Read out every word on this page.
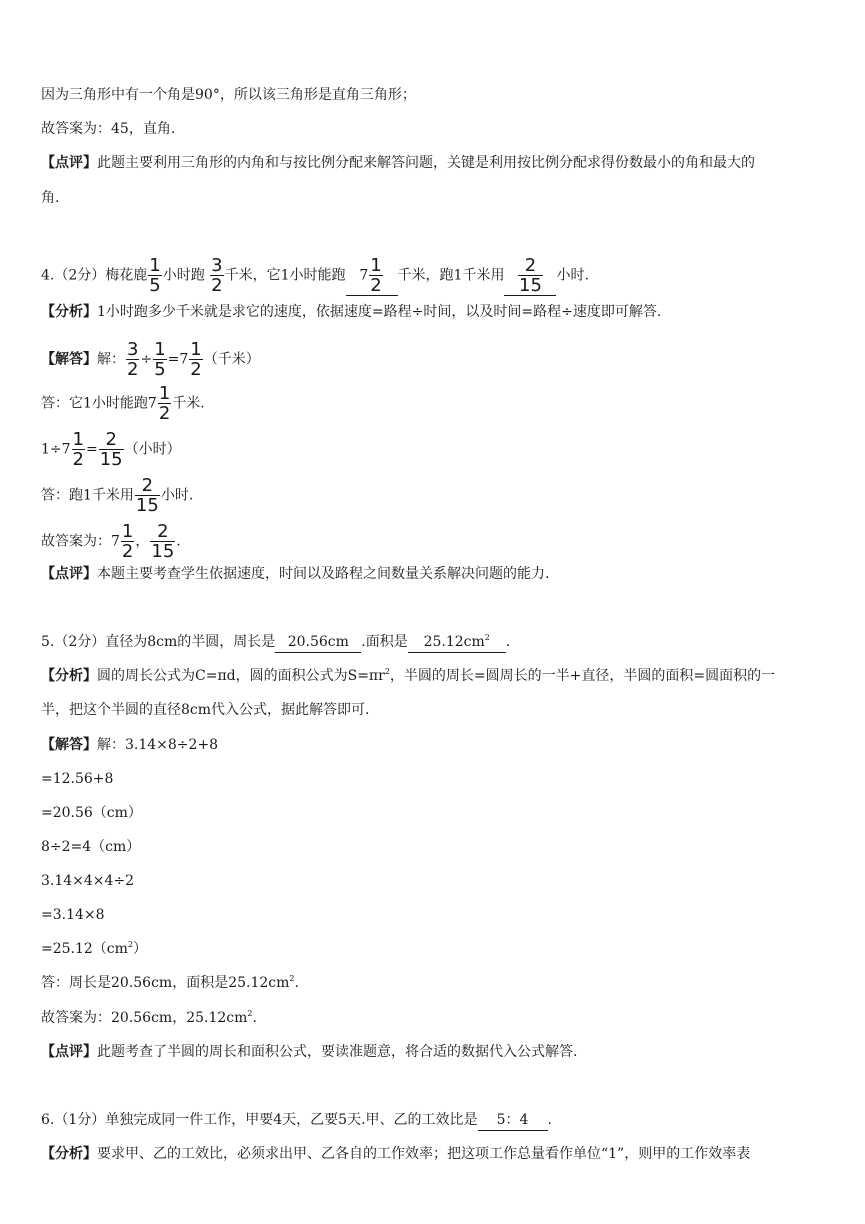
因为三角形中有一个角是90°，所以该三角形是直角三角形；
故答案为：45，直角.
【点评】此题主要利用三角形的内角和与按比例分配来解答问题，关键是利用按比例分配求得份数最小的角和最大的
角.
4.（2分）梅花鹿 $\frac{1}{5}$ 小时跑 $\frac{3}{2}$ 千米，它1小时能跑 $7 \frac{1}{2}$ 千米，跑1千米用 $\frac{2}{15}$ 小时.
【分析】1小时跑多少千米就是求它的速度，依据速度=路程÷时间，以及时间=路程÷速度即可解答.
【解答】解： $\frac{3}{2} \div \frac{1}{5} =7 \frac{1}{2}$ （千米）
答：它1小时能跑$7 \frac{1}{2}$ 千米.
$1\div 7 \frac{1}{2} = \frac{2}{15}$ （小时）
答：跑1千米用 $\frac{2}{15}$ 小时.
故答案为：$7 \frac{1}{2}$ ， $\frac{2}{15}$ .
【点评】本题主要考查学生依据速度，时间以及路程之间数量关系解决问题的能力.
5.（2分）直径为8cm的半圆，周长是 20.56cm .面积是 $25.12cm^2$ .
【分析】圆的周长公式为C=πd，圆的面积公式为$S=\pi r^2$，半圆的周长=圆周长的一半+直径，半圆的面积=圆面积的一
半，把这个半圆的直径8cm代入公式，据此解答即可.
【解答】解：3.14×8÷2+8
=12.56+8
=20.56（cm）
8÷2=4（cm）
3.14×4×4÷2
=3.14×8
$=25.12(cm^2)$
答：周长是20.56cm，面积是$25.12cm^2$.
故答案为：20.56cm，$25.12cm^2$.
【点评】此题考查了半圆的周长和面积公式，要读准题意，将合适的数据代入公式解答.
6.（1分）单独完成同一件工作，甲要4天，乙要5天.甲、乙的工效比是 5：4 .
【分析】要求甲、乙的工效比，必须求出甲、乙各自的工作效率；把这项工作总量看作单位“1”，则甲的工作效率表
